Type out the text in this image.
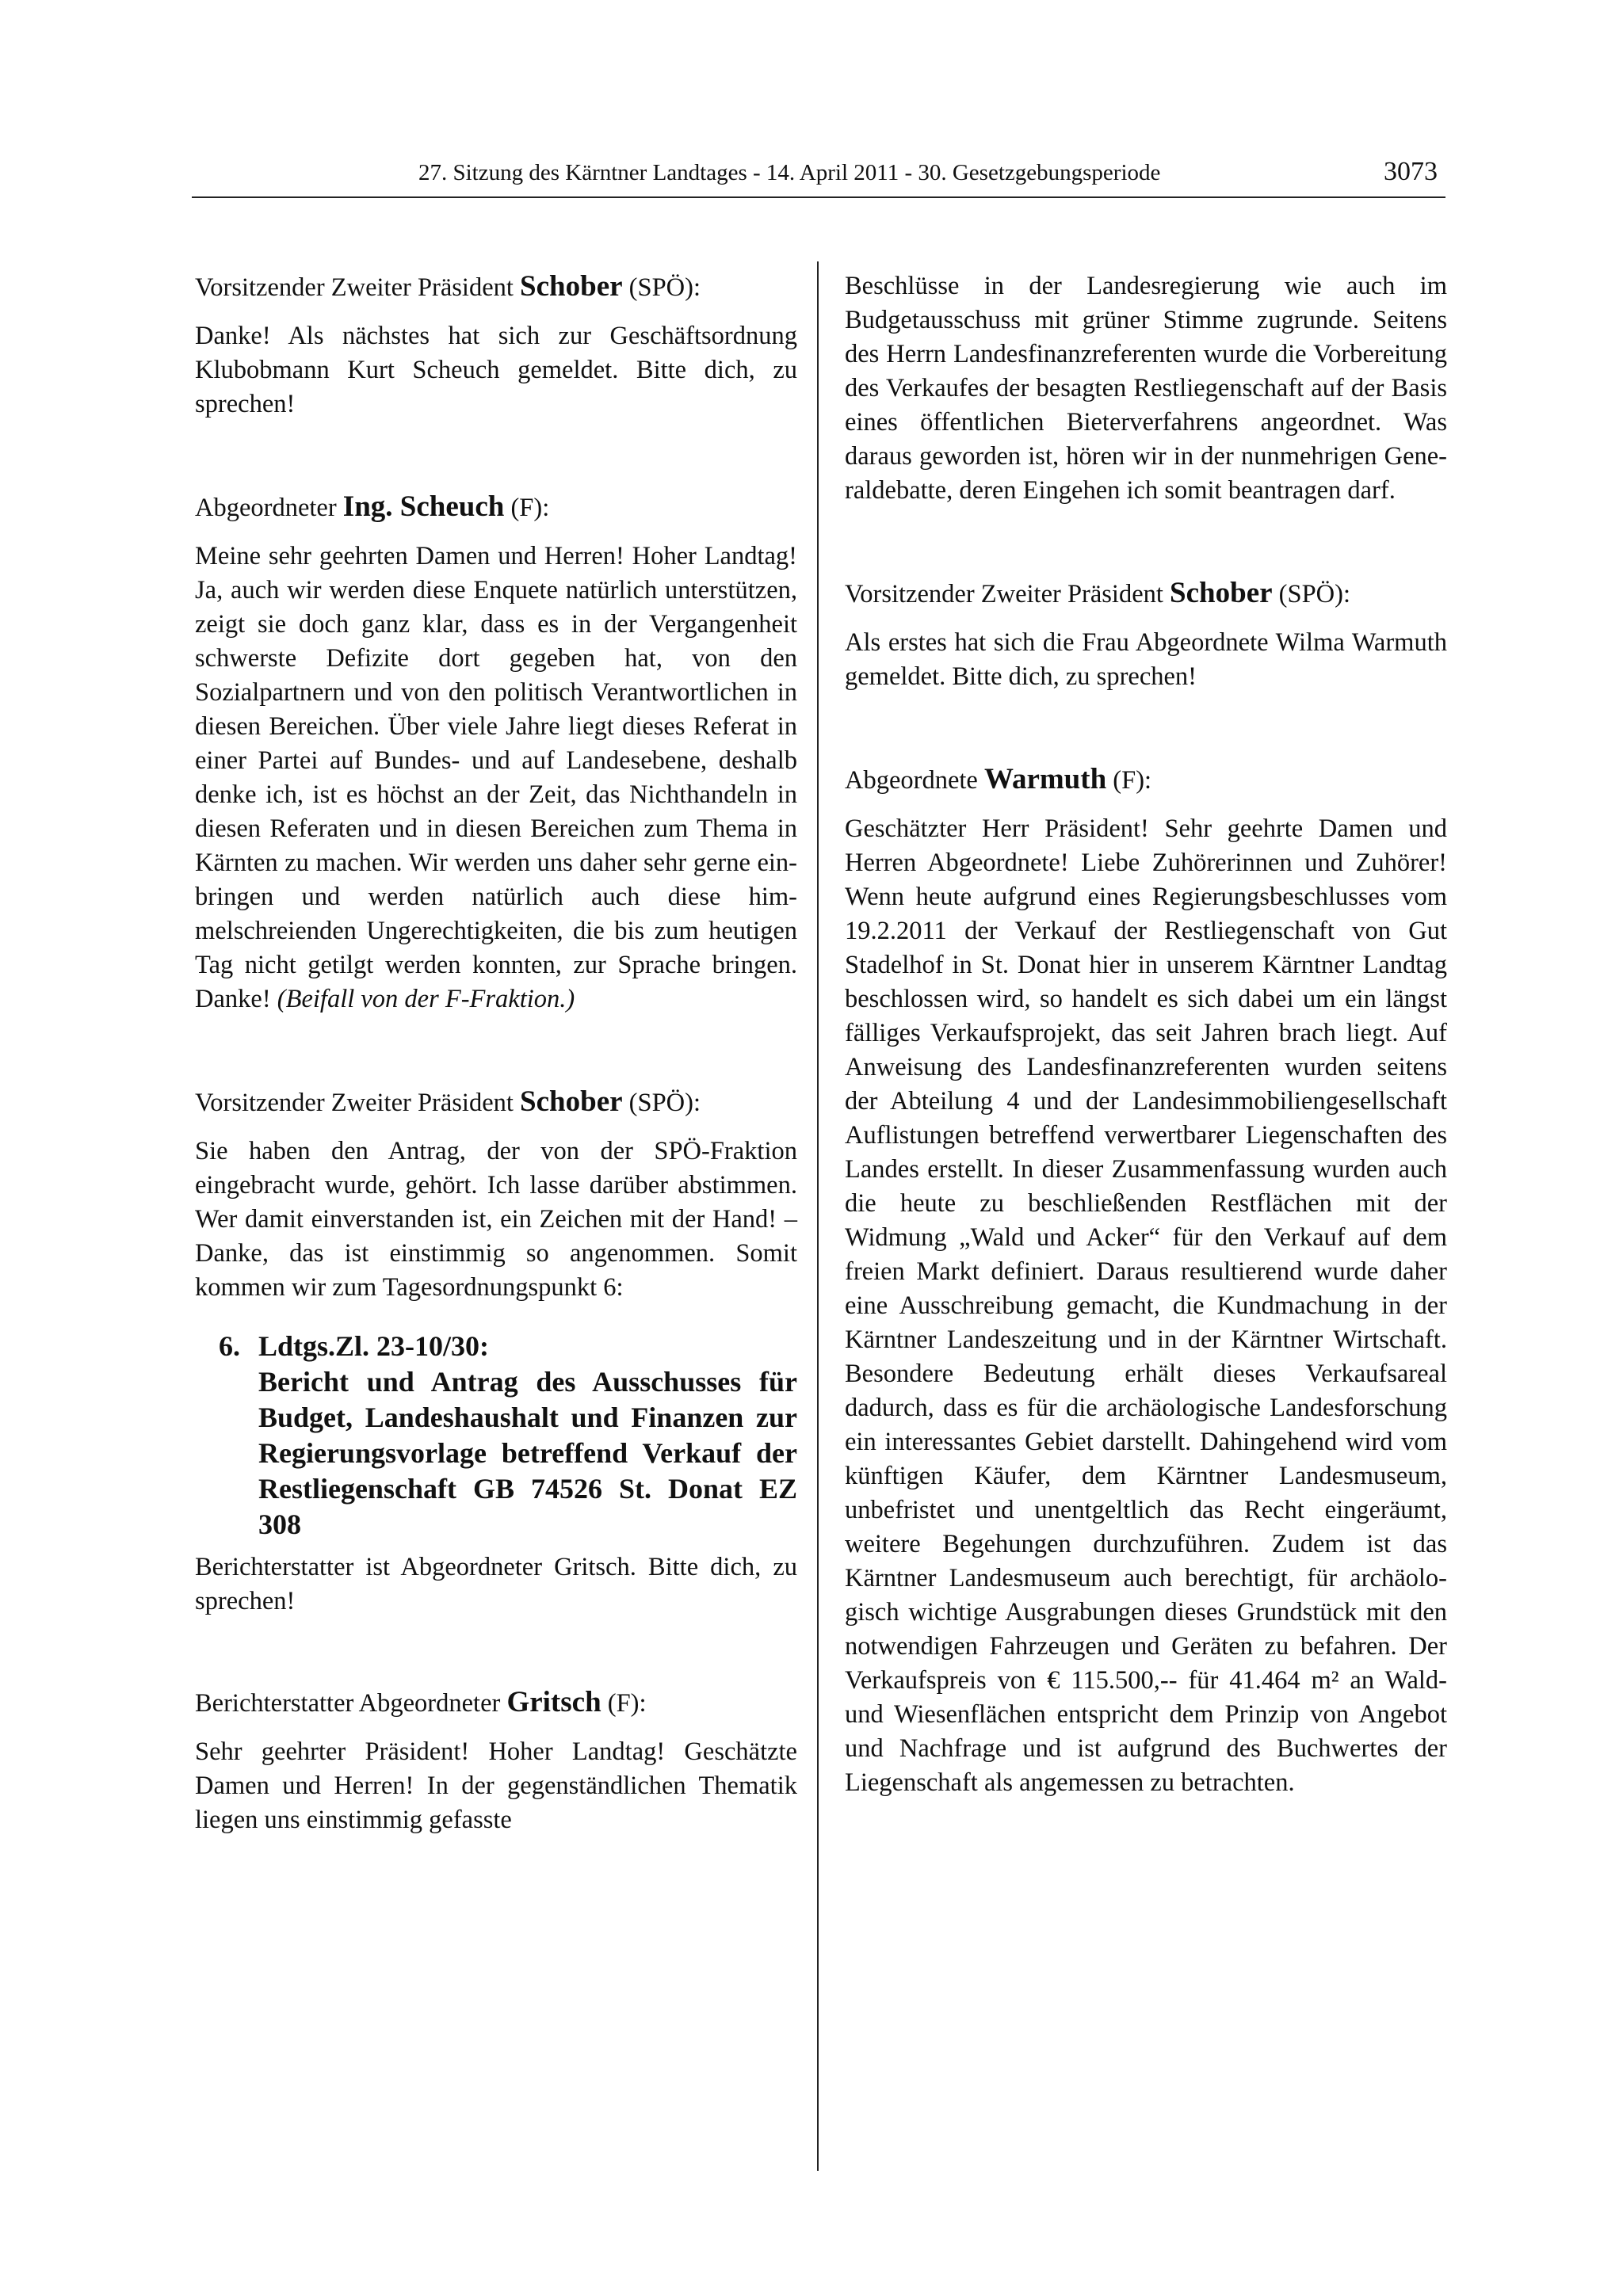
27. Sitzung des Kärntner Landtages - 14. April 2011 - 30. Gesetzgebungsperiode	3073
Vorsitzender Zweiter Präsident Schober (SPÖ):

Danke! Als nächstes hat sich zur Geschäftsordnung Klubobmann Kurt Scheuch gemeldet. Bitte dich, zu sprechen!

Abgeordneter Ing. Scheuch (F):

Meine sehr geehrten Damen und Herren! Hoher Landtag! Ja, auch wir werden diese Enquete natürlich unterstützen, zeigt sie doch ganz klar, dass es in der Vergangenheit schwerste Defizite dort gegeben hat, von den Sozialpartnern und von den politisch Verantwortlichen in diesen Bereichen. Über viele Jahre liegt dieses Referat in einer Partei auf Bundes- und auf Landesebene, deshalb denke ich, ist es höchst an der Zeit, das Nichthandeln in diesen Referaten und in diesen Bereichen zum Thema in Kärnten zu machen. Wir werden uns daher sehr gerne einbringen und werden natürlich auch diese himmelschreienden Ungerechtigkeiten, die bis zum heutigen Tag nicht getilgt werden konnten, zur Sprache bringen. Danke! (Beifall von der F-Fraktion.)

Vorsitzender Zweiter Präsident Schober (SPÖ):

Sie haben den Antrag, der von der SPÖ-Fraktion eingebracht wurde, gehört. Ich lasse darüber abstimmen. Wer damit einverstanden ist, ein Zeichen mit der Hand! – Danke, das ist einstimmig so angenommen. Somit kommen wir zum Tagesordnungspunkt 6:

6. Ldtgs.Zl. 23-10/30:
Bericht und Antrag des Ausschusses für Budget, Landeshaushalt und Finanzen zur Regierungsvorlage betreffend Verkauf der Restliegenschaft GB 74526 St. Donat EZ 308

Berichterstatter ist Abgeordneter Gritsch. Bitte dich, zu sprechen!

Berichterstatter Abgeordneter Gritsch (F):

Sehr geehrter Präsident! Hoher Landtag! Geschätzte Damen und Herren! In der gegenständlichen Thematik liegen uns einstimmig gefasste

Beschlüsse in der Landesregierung wie auch im Budgetausschuss mit grüner Stimme zugrunde. Seitens des Herrn Landesfinanzreferenten wurde die Vorbereitung des Verkaufes der besagten Restliegenschaft auf der Basis eines öffentlichen Bieterverfahrens angeordnet. Was daraus geworden ist, hören wir in der nunmehrigen Generaldebatte, deren Eingehen ich somit beantragen darf.

Vorsitzender Zweiter Präsident Schober (SPÖ):

Als erstes hat sich die Frau Abgeordnete Wilma Warmuth gemeldet. Bitte dich, zu sprechen!

Abgeordnete Warmuth (F):

Geschätzter Herr Präsident! Sehr geehrte Damen und Herren Abgeordnete! Liebe Zuhörerinnen und Zuhörer! Wenn heute aufgrund eines Regierungsbeschlusses vom 19.2.2011 der Verkauf der Restliegenschaft von Gut Stadelhof in St. Donat hier in unserem Kärntner Landtag beschlossen wird, so handelt es sich dabei um ein längst fälliges Verkaufsprojekt, das seit Jahren brach liegt. Auf Anweisung des Landesfinanzreferenten wurden seitens der Abteilung 4 und der Landesimmobiliengesellschaft Auflistungen betreffend verwertbarer Liegenschaften des Landes erstellt. In dieser Zusammenfassung wurden auch die heute zu beschließenden Restflächen mit der Widmung „Wald und Acker“ für den Verkauf auf dem freien Markt definiert. Daraus resultierend wurde daher eine Ausschreibung gemacht, die Kundmachung in der Kärntner Landeszeitung und in der Kärntner Wirtschaft. Besondere Bedeutung erhält dieses Verkaufsareal dadurch, dass es für die archäologische Landesforschung ein interessantes Gebiet darstellt. Dahingehend wird vom künftigen Käufer, dem Kärntner Landesmuseum, unbefristet und unentgeltlich das Recht eingeräumt, weitere Begehungen durchzuführen. Zudem ist das Kärntner Landesmuseum auch berechtigt, für archäologisch wichtige Ausgrabungen dieses Grundstück mit den notwendigen Fahrzeugen und Geräten zu befahren. Der Verkaufspreis von € 115.500,-- für 41.464 m² an Wald- und Wiesenflächen entspricht dem Prinzip von Angebot und Nachfrage und ist aufgrund des Buchwertes der Liegenschaft als angemessen zu betrachten.
